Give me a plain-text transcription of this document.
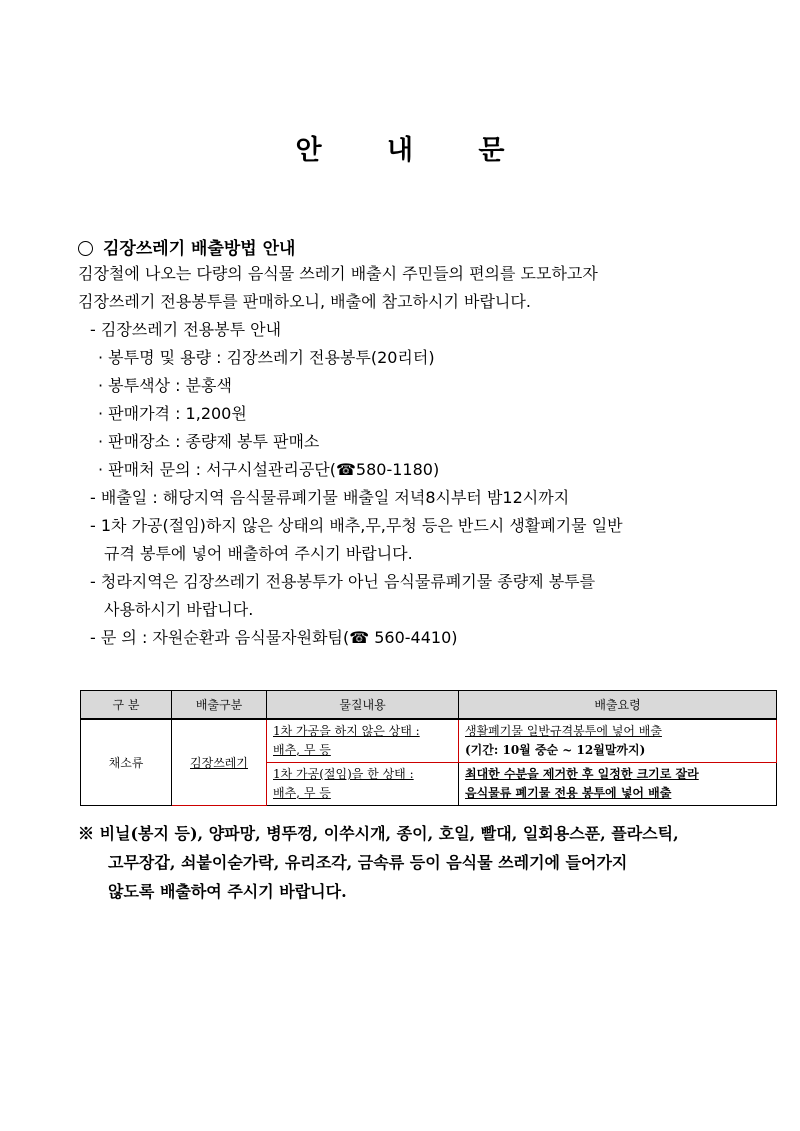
안 내 문
김장쓰레기 배출방법 안내
김장철에 나오는 다량의 음식물 쓰레기 배출시 주민들의 편의를 도모하고자
김장쓰레기 전용봉투를 판매하오니, 배출에 참고하시기 바랍니다.
- 김장쓰레기 전용봉투 안내
· 봉투명 및 용량 : 김장쓰레기 전용봉투(20리터)
· 봉투색상 : 분홍색
· 판매가격 : 1,200원
· 판매장소 : 종량제 봉투 판매소
· 판매처 문의 : 서구시설관리공단(☎580-1180)
- 배출일 : 해당지역 음식물류폐기물 배출일 저녁8시부터 밤12시까지
- 1차 가공(절임)하지 않은 상태의 배추,무,무청 등은 반드시 생활폐기물 일반
규격 봉투에 넣어 배출하여 주시기 바랍니다.
- 청라지역은 김장쓰레기 전용봉투가 아닌 음식물류폐기물 종량제 봉투를
사용하시기 바랍니다.
- 문 의 : 자원순환과 음식물자원화팀(☎ 560-4410)
구 분	배출구분	물질내용	배출요령
채소류	김장쓰레기	1차 가공을 하지 않은 상태 :
배추, 무 등	생활폐기물 일반규격봉투에 넣어 배출
(기간: 10월 중순 ~ 12월말까지)
		1차 가공(절임)을 한 상태 :
배추, 무 등	최대한 수분을 제거한 후 일정한 크기로 잘라
음식물류 폐기물 전용 봉투에 넣어 배출
※ 비닐(봉지 등), 양파망, 병뚜껑, 이쑤시개, 종이, 호일, 빨대, 일회용스푼, 플라스틱,
고무장갑, 쇠붙이숟가락, 유리조각, 금속류 등이 음식물 쓰레기에 들어가지
않도록 배출하여 주시기 바랍니다.
